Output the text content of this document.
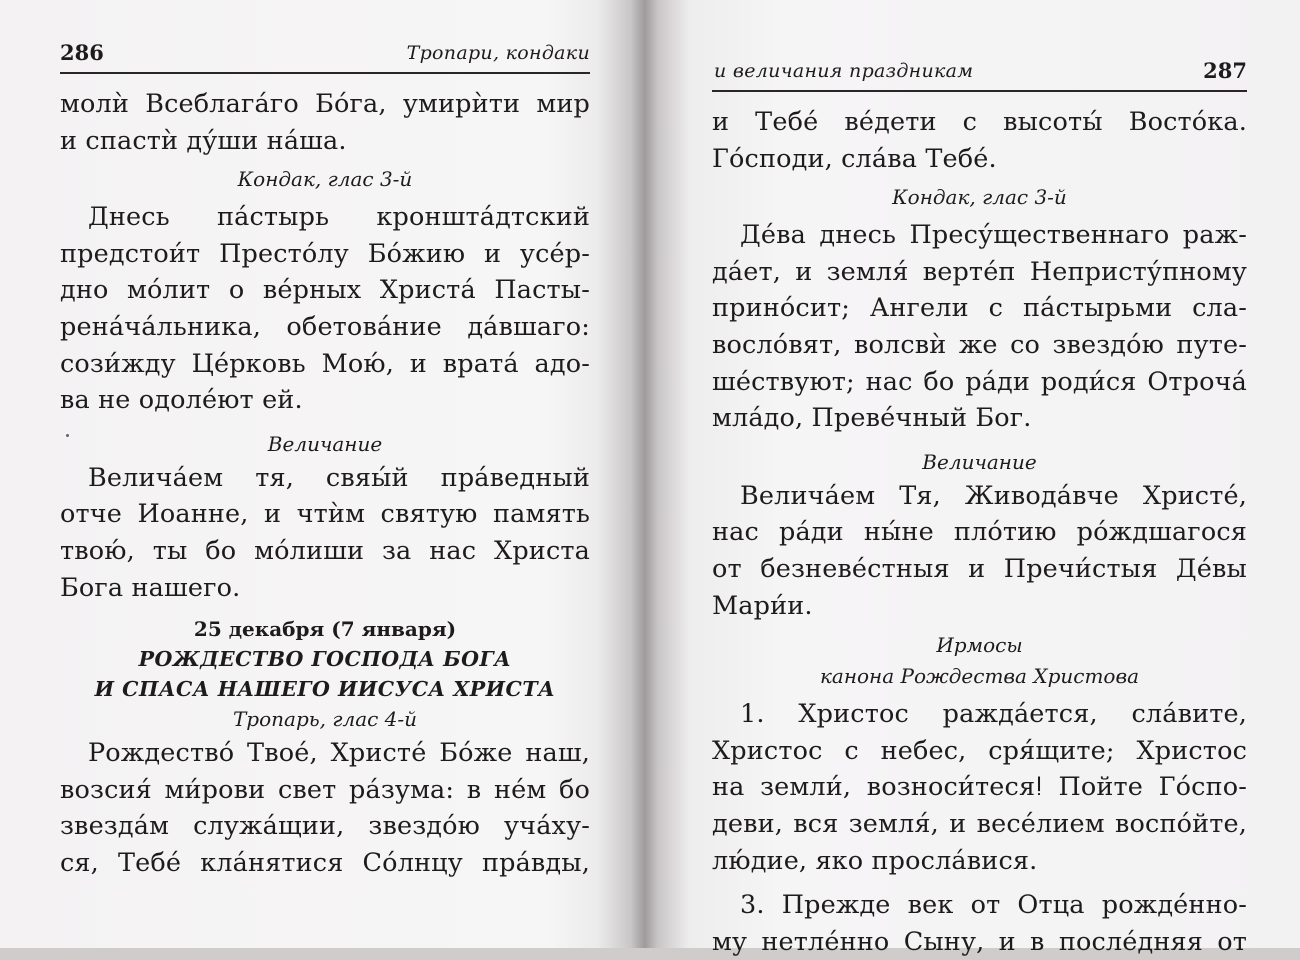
286	Тропари, кондаки
молѝ Всеблага́го Бо́га, умирѝти мир
и спастѝ ду́ши на́ша.
Кондак, глас 3-й
Днесь па́стырь кроншта́дтский
предстои́т Престо́лу Бо́жию и усе́р-
дно мо́лит о ве́рных Христа́ Пасты-
рена́ча́льника, обетова́ние да́вшаго:
сози́жду Це́рковь Мою́, и врата́ адо-
ва не одоле́ют ей.
Величание
Велича́ем тя, свяы́й пра́ведный
отче Иоанне, и чтѝм святую память
твою́, ты бо мо́лиши за нас Христа
Бога нашего.
25 декабря (7 января)
РОЖДЕСТВО ГОСПОДА БОГА
И СПАСА НАШЕГО ИИСУСА ХРИСТА
Тропарь, глас 4-й
Рождество́ Твое́, Христе́ Бо́же наш,
возсия́ ми́рови свет ра́зума: в не́м бо
звезда́м служа́щии, звездо́ю уча́ху-
ся, Тебе́ кла́нятися Со́лнцу пра́вды,
и величания праздникам	287
и Тебе́ ве́дети с высоты́ Восто́ка.
Го́споди, сла́ва Тебе́.
Кондак, глас 3-й
Де́ва днесь Пресу́щественнаго раж-
да́ет, и земля́ верте́п Непристу́пному
прино́сит; Ангели с па́стырьми сла-
вoсло́вят, волсвѝ же со звездо́ю путе-
ше́ствуют; нас бо ра́ди роди́ся Отроча́
мла́до, Преве́чный Бог.
Величание
Велича́ем Тя, Живода́вче Христе́,
нас ра́ди ны́не пло́тию ро́ждшагося
от безневе́стныя и Пречи́стыя Де́вы
Мари́и.
Ирмосы
канона Рождества Христова
1. Христос ражда́ется, сла́вите,
Христос с небес, сря́щите; Христос
на земли́, возноси́тесяǃ Пойте Го́спо-
деви, вся земля́, и весе́лием воспо́йте,
лю́дие, яко просла́вися.
3. Прежде век от Отца рожде́нно-
му нетле́нно Сыну, и в после́дняя от
